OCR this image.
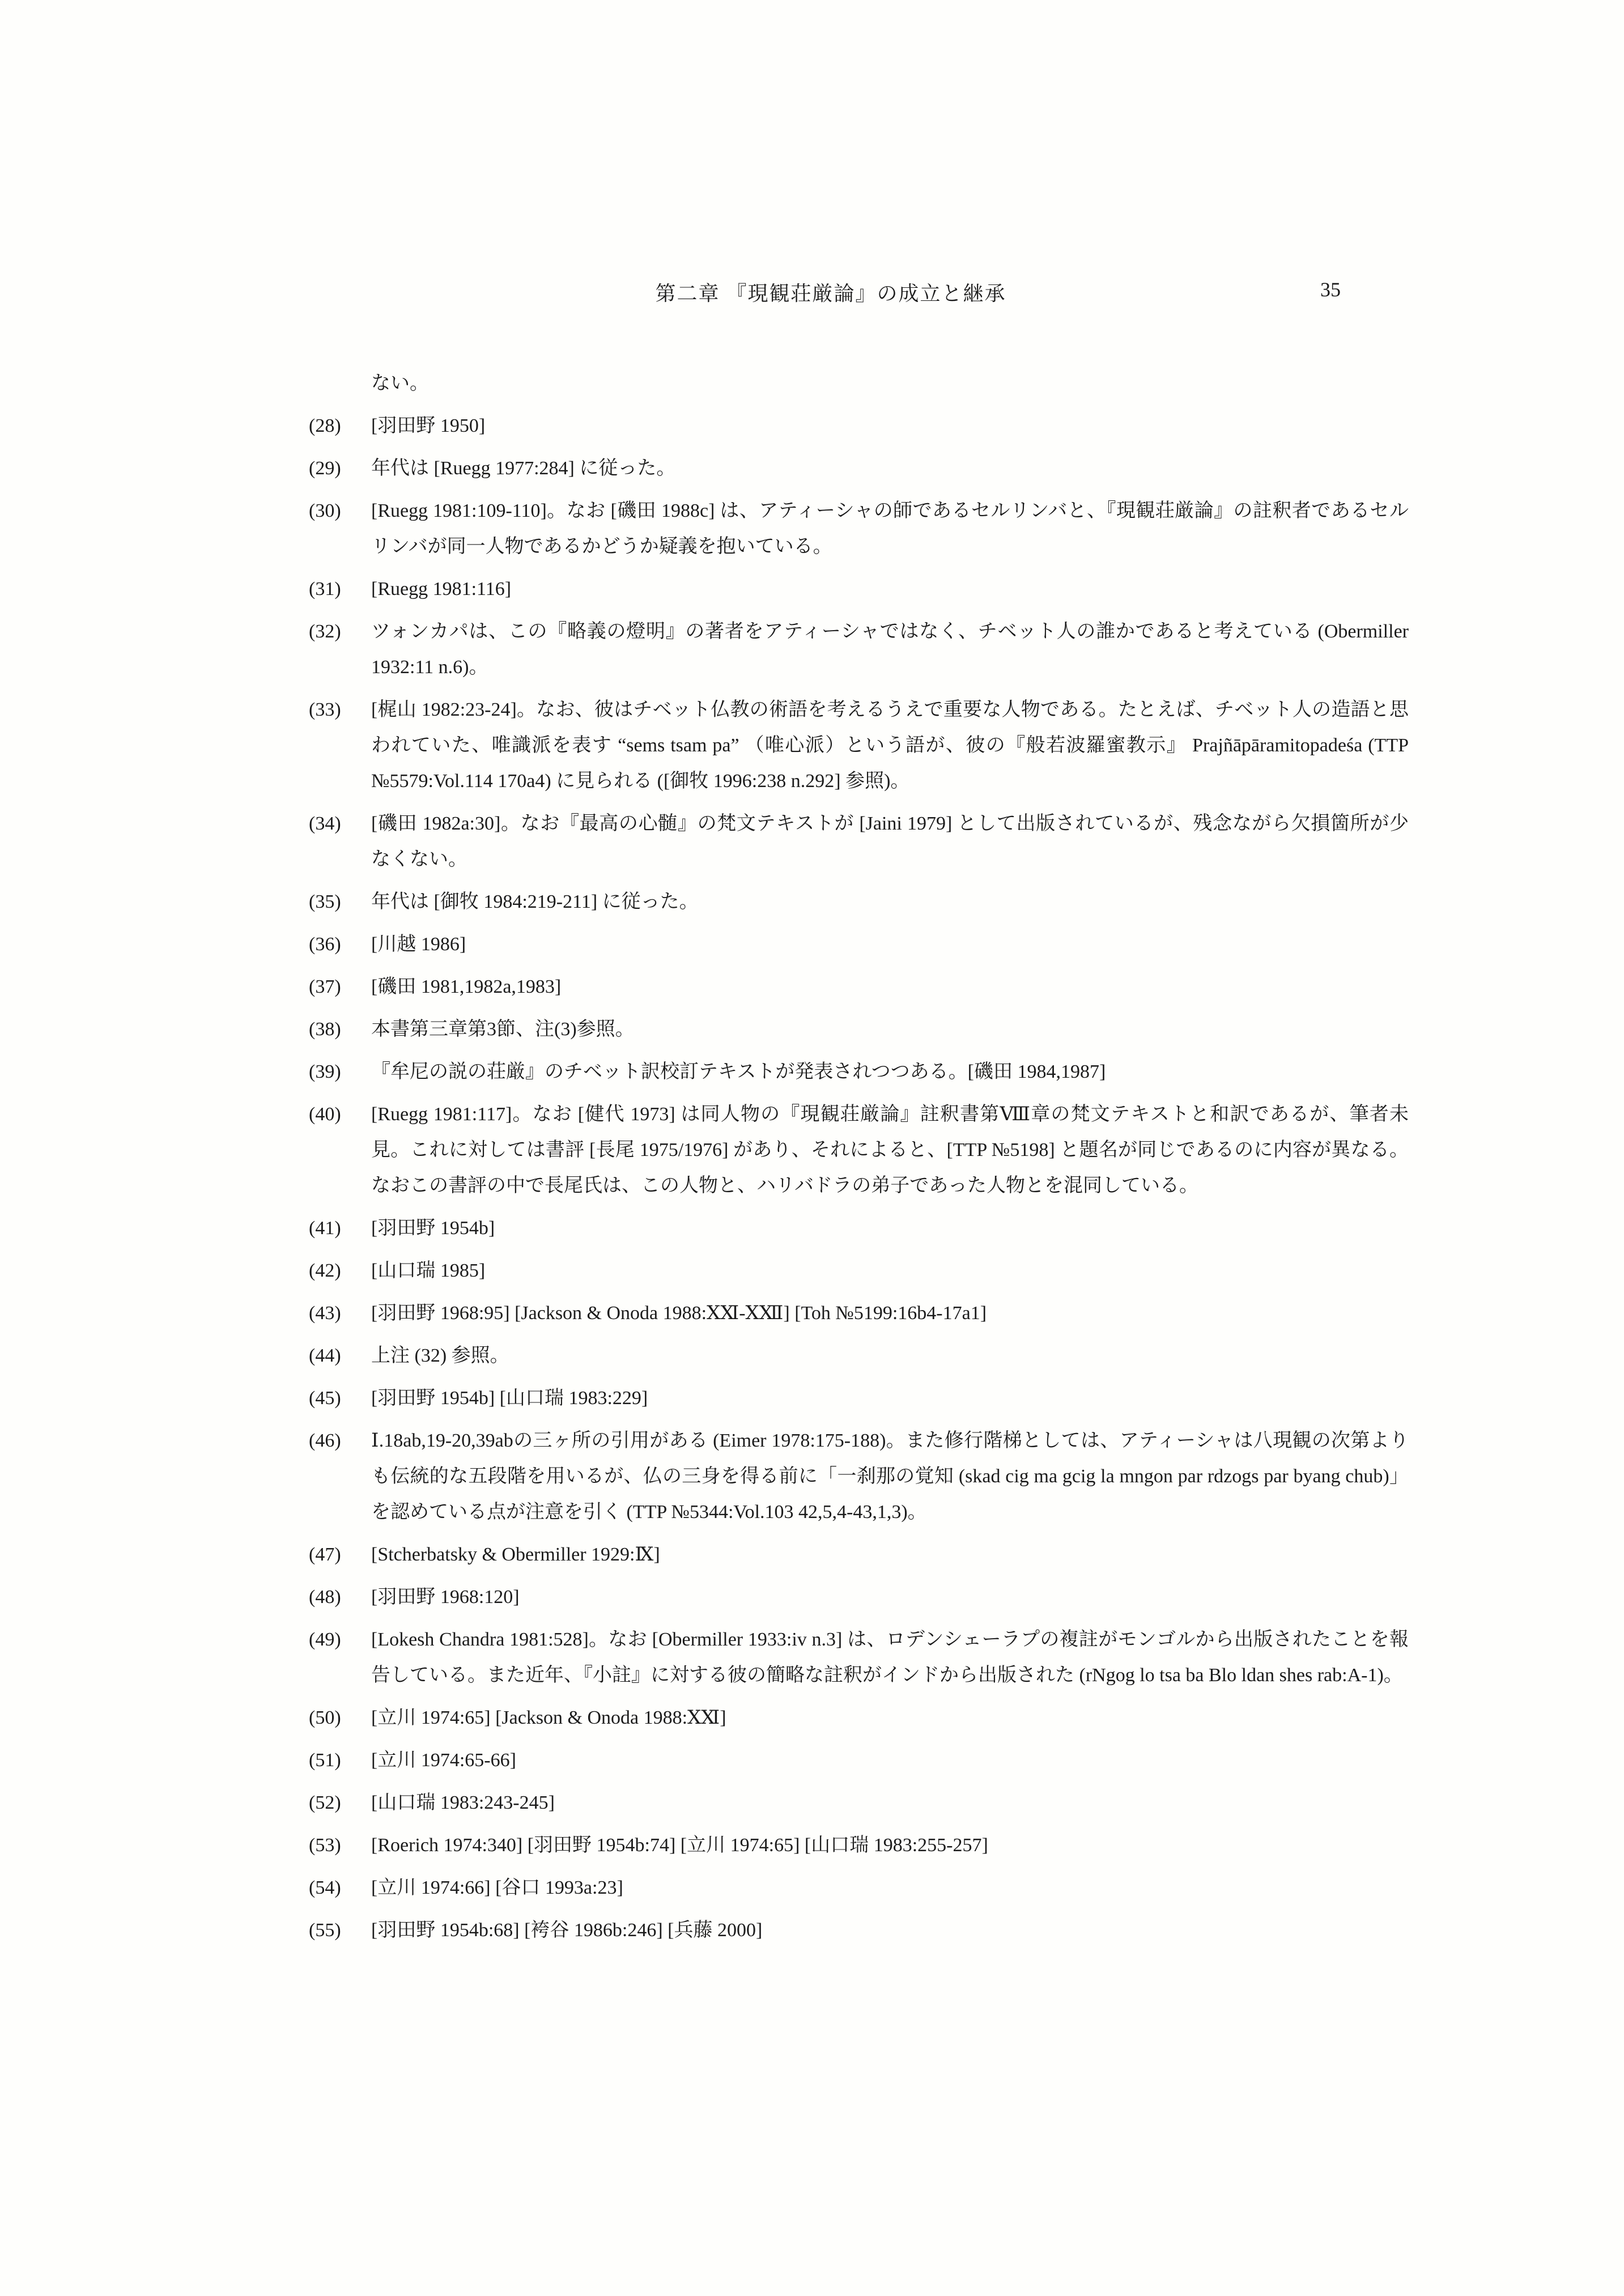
第二章 『現観荘厳論』の成立と継承	35
ない。
(28)	[羽田野 1950]
(29)	年代は [Ruegg 1977:284] に従った。
(30)	[Ruegg 1981:109-110]。なお [磯田 1988c] は、アティーシャの師であるセルリンバと、『現観荘厳論』の註釈者であるセルリンバが同一人物であるかどうか疑義を抱いている。
(31)	[Ruegg 1981:116]
(32)	ツォンカパは、この『略義の燈明』の著者をアティーシャではなく、チベット人の誰かであると考えている (Obermiller 1932:11 n.6)。
(33)	[梶山 1982:23-24]。なお、彼はチベット仏教の術語を考えるうえで重要な人物である。たとえば、チベット人の造語と思われていた、唯識派を表す “sems tsam pa” （唯心派）という語が、彼の『般若波羅蜜教示』 Prajñāpāramitopadeśa (TTP №5579:Vol.114 170a4) に見られる ([御牧 1996:238 n.292] 参照)。
(34)	[磯田 1982a:30]。なお『最高の心髄』の梵文テキストが [Jaini 1979] として出版されているが、残念ながら欠損箇所が少なくない。
(35)	年代は [御牧 1984:219-211] に従った。
(36)	[川越 1986]
(37)	[磯田 1981,1982a,1983]
(38)	本書第三章第3節、注(3)参照。
(39)	『牟尼の説の荘厳』のチベット訳校訂テキストが発表されつつある。[磯田 1984,1987]
(40)	[Ruegg 1981:117]。なお [健代 1973] は同人物の『現観荘厳論』註釈書第Ⅷ章の梵文テキストと和訳であるが、筆者未見。これに対しては書評 [長尾 1975/1976] があり、それによると、[TTP №5198] と題名が同じであるのに内容が異なる。なおこの書評の中で長尾氏は、この人物と、ハリバドラの弟子であった人物とを混同している。
(41)	[羽田野 1954b]
(42)	[山口瑞 1985]
(43)	[羽田野 1968:95] [Jackson & Onoda 1988:ⅩⅪ-ⅩⅫ] [Toh №5199:16b4-17a1]
(44)	上注 (32) 参照。
(45)	[羽田野 1954b] [山口瑞 1983:229]
(46)	Ⅰ.18ab,19-20,39abの三ヶ所の引用がある (Eimer 1978:175-188)。また修行階梯としては、アティーシャは八現観の次第よりも伝統的な五段階を用いるが、仏の三身を得る前に「一刹那の覚知 (skad cig ma gcig la mngon par rdzogs par byang chub)」を認めている点が注意を引く (TTP №5344:Vol.103 42,5,4-43,1,3)。
(47)	[Stcherbatsky & Obermiller 1929:Ⅸ]
(48)	[羽田野 1968:120]
(49)	[Lokesh Chandra 1981:528]。なお [Obermiller 1933:iv n.3] は、ロデンシェーラプの複註がモンゴルから出版されたことを報告している。また近年、『小註』に対する彼の簡略な註釈がインドから出版された (rNgog lo tsa ba Blo ldan shes rab:A-1)。
(50)	[立川 1974:65] [Jackson & Onoda 1988:ⅩⅪ]
(51)	[立川 1974:65-66]
(52)	[山口瑞 1983:243-245]
(53)	[Roerich 1974:340] [羽田野 1954b:74] [立川 1974:65] [山口瑞 1983:255-257]
(54)	[立川 1974:66] [谷口 1993a:23]
(55)	[羽田野 1954b:68] [袴谷 1986b:246] [兵藤 2000]
